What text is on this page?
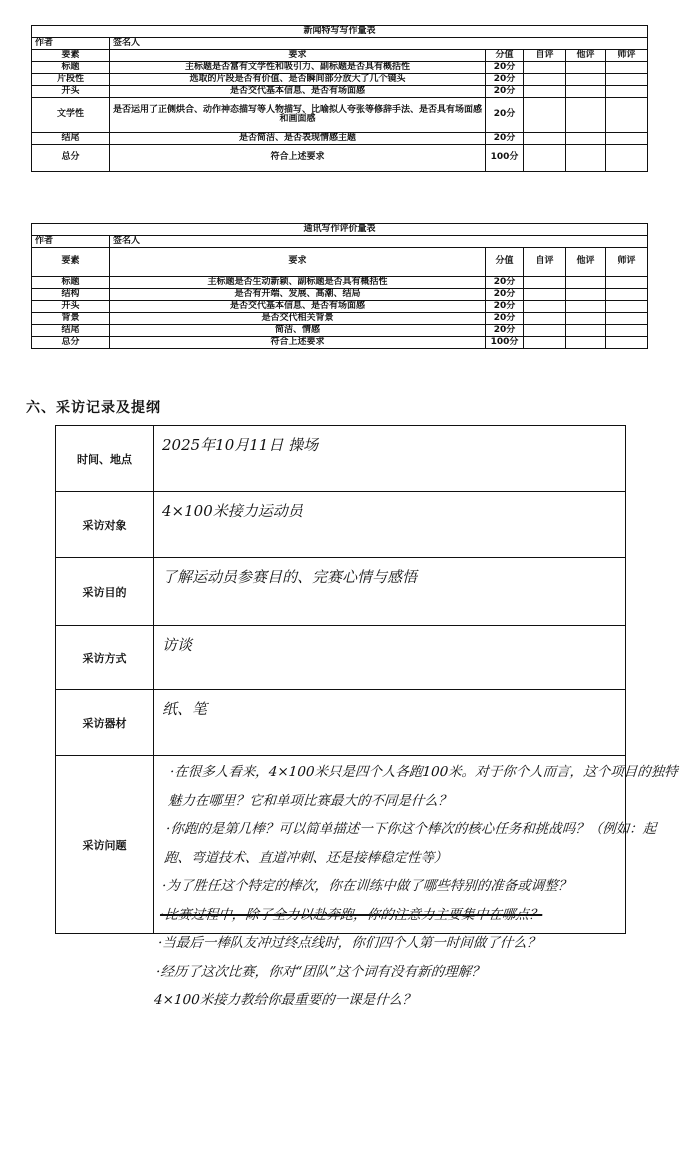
新闻特写写作量表					
作者	签名人				
要素	要求	分值	自评	他评	师评
标题	主标题是否富有文学性和吸引力、副标题是否具有概括性	20分			
片段性	选取的片段是否有价值、是否瞬间部分放大了几个镜头	20分			
开头	是否交代基本信息、是否有场面感	20分			
文学性	是否运用了正侧烘合、动作神态描写等人物描写、比喻拟人夸张等修辞手法、是否具有场面感和画面感	20分			
结尾	是否简洁、是否表现情感主题	20分			
总分	符合上述要求	100分			
通讯写作评价量表					
作者	签名人				
要素	要求	分值	自评	他评	师评
标题	主标题是否生动新颖、副标题是否具有概括性	20分			
结构	是否有开端、发展、高潮、结局	20分			
开头	是否交代基本信息、是否有场面感	20分			
背景	是否交代相关背景	20分			
结尾	简洁、情感	20分			
总分	符合上述要求	100分			
六、采访记录及提纲
时间、地点	2025年10月11日 操场
采访对象	4×100米接力运动员
采访目的	了解运动员参赛目的、完赛心情与感悟
采访方式	访谈
采访器材	纸、笔
采访问题	
·在很多人看来，4×100米只是四个人各跑100米。对于你个人而言，这个项目的独特魅力在哪里？它和单项比赛最大的不同是什么？
·你跑的是第几棒？可以简单描述一下你这个棒次的核心任务和挑战吗？（例如：起跑、弯道技术、直道冲刺、还是接棒稳定性等）
·为了胜任这个特定的棒次，你在训练中做了哪些特别的准备或调整？
·比赛过程中，除了全力以赴奔跑，你的注意力主要集中在哪点？
·当最后一棒队友冲过终点线时，你们四个人第一时间做了什么？
·经历了这次比赛，你对“团队”这个词有没有新的理解？
4×100米接力教给你最重要的一课是什么？
